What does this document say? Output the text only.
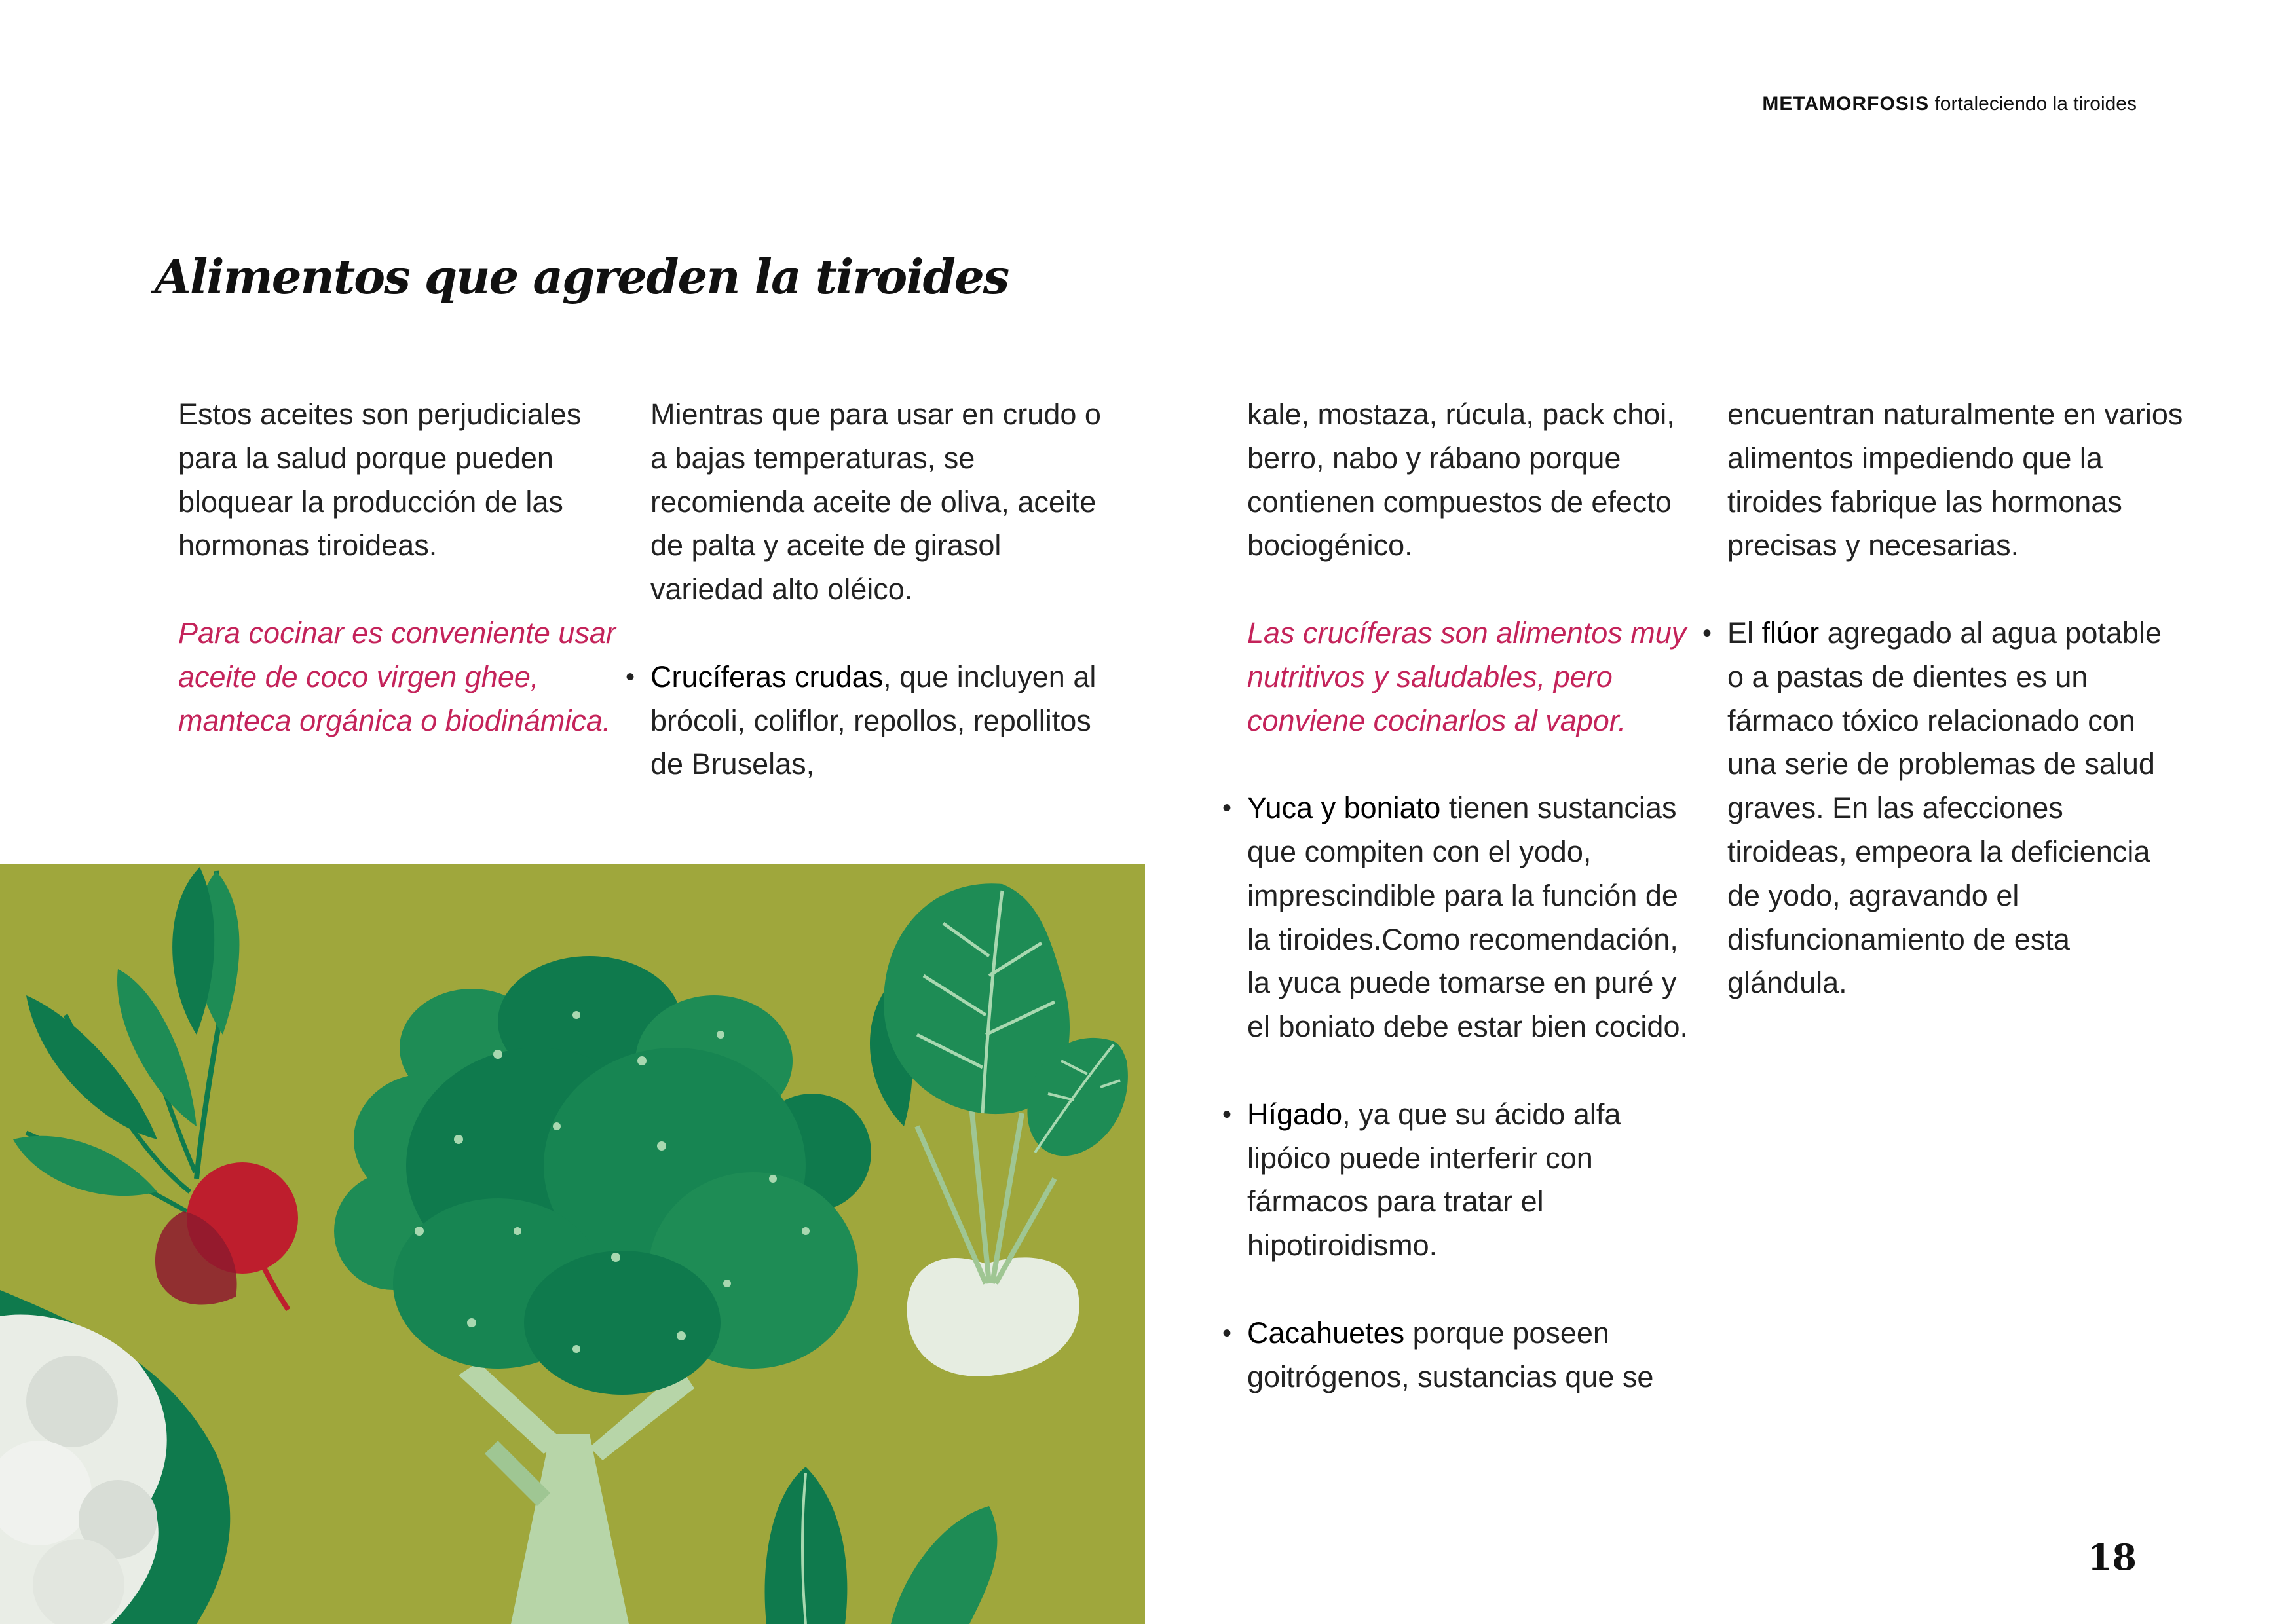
METAMORFOSIS fortaleciendo la tiroides
Alimentos que agreden la tiroides

Estos aceites son perjudiciales para la salud porque pueden bloquear la producción de las hormonas tiroideas.

Para cocinar es conveniente usar aceite de coco virgen ghee, manteca orgánica o biodinámica.

Mientras que para usar en crudo o a bajas temperaturas, se recomienda aceite de oliva, aceite de palta y aceite de girasol variedad alto oléico.

• Crucíferas crudas, que incluyen al brócoli, coliflor, repollos, repollitos de Bruselas,

kale, mostaza, rúcula, pack choi, berro, nabo y rábano porque contienen compuestos de efecto bociogénico.

Las crucíferas son alimentos muy nutritivos y saludables, pero conviene cocinarlos al vapor.

• Yuca y boniato tienen sustancias que compiten con el yodo, imprescindible para la función de la tiroides.Como recomendación, la yuca puede tomarse en puré y el boniato debe estar bien cocido.

• Hígado, ya que su ácido alfa lipóico puede interferir con fármacos para tratar el hipotiroidismo.

• Cacahuetes porque poseen goitrógenos, sustancias que se

encuentran naturalmente en varios alimentos impediendo que la tiroides fabrique las hormonas precisas y necesarias.

• El flúor agregado al agua potable o a pastas de dientes es un fármaco tóxico relacionado con una serie de problemas de salud graves. En las afecciones tiroideas, empeora la deficiencia de yodo, agravando el disfuncionamiento de esta glándula.

18
